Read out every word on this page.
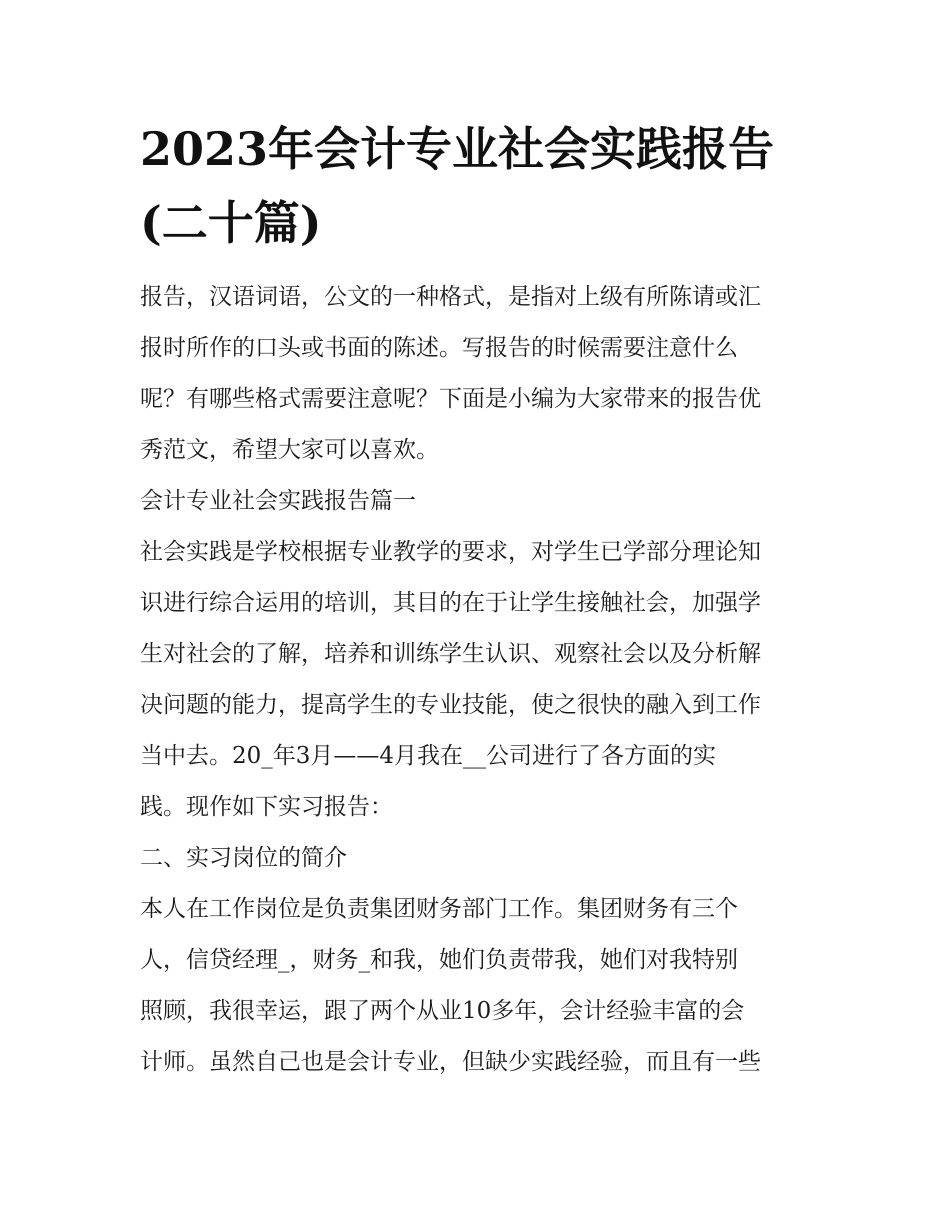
2023年会计专业社会实践报告
(二十篇)
报告，汉语词语，公文的一种格式，是指对上级有所陈请或汇
报时所作的口头或书面的陈述。写报告的时候需要注意什么
呢？有哪些格式需要注意呢？下面是小编为大家带来的报告优
秀范文，希望大家可以喜欢。
会计专业社会实践报告篇一
社会实践是学校根据专业教学的要求，对学生已学部分理论知
识进行综合运用的培训，其目的在于让学生接触社会，加强学
生对社会的了解，培养和训练学生认识、观察社会以及分析解
决问题的能力，提高学生的专业技能，使之很快的融入到工作
当中去。20_年3月——4月我在__公司进行了各方面的实
践。现作如下实习报告：
二、实习岗位的简介
本人在工作岗位是负责集团财务部门工作。集团财务有三个
人，信贷经理_，财务_和我，她们负责带我，她们对我特别
照顾，我很幸运，跟了两个从业10多年，会计经验丰富的会
计师。虽然自己也是会计专业，但缺少实践经验，而且有一些
